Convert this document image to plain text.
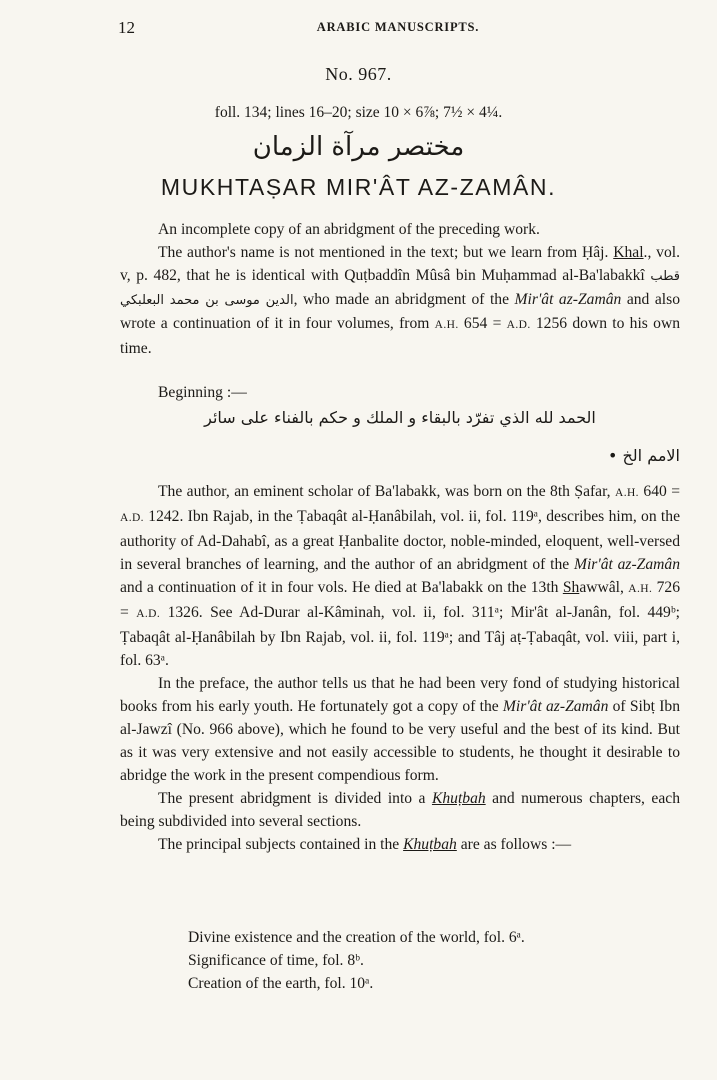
12	ARABIC MANUSCRIPTS.
No. 967.
foll. 134; lines 16–20; size 10 × 6⅞; 7½ × 4¼.
مختصر مرآة الزمان
MUKHTAṢAR MIR'ÂT AZ-ZAMÂN.

An incomplete copy of an abridgment of the preceding work.

The author's name is not mentioned in the text; but we learn from Ḥâj. Khal., vol. v, p. 482, that he is identical with Quṭbaddîn Mûsâ bin Muḥammad al-Ba'labakkî قطب الدين موسى بن محمد البعلبكي, who made an abridgment of the Mir'ât az-Zamân and also wrote a continuation of it in four volumes, from A.H. 654 = A.D. 1256 down to his own time.

Beginning :—
الحمد لله الذي تفرّد بالبقاء و الملك و حكم بالفناء على سائر
الامم الخ •

The author, an eminent scholar of Ba'labakk, was born on the 8th Ṣafar, A.H. 640 = A.D. 1242. Ibn Rajab, in the Ṭabaqât al-Ḥanâbilah, vol. ii, fol. 119ᵃ, describes him, on the authority of Ad-Dahabî, as a great Ḥanbalite doctor, noble-minded, eloquent, well-versed in several branches of learning, and the author of an abridgment of the Mir'ât az-Zamân and a continuation of it in four vols. He died at Ba'labakk on the 13th Shawwâl, A.H. 726 = A.D. 1326. See Ad-Durar al-Kâminah, vol. ii, fol. 311ᵃ; Mir'ât al-Janân, fol. 449ᵇ; Ṭabaqât al-Ḥanâbilah by Ibn Rajab, vol. ii, fol. 119ᵃ; and Tâj aṭ-Ṭabaqât, vol. viii, part i, fol. 63ᵃ.

In the preface, the author tells us that he had been very fond of studying historical books from his early youth. He fortunately got a copy of the Mir'ât az-Zamân of Sibṭ Ibn al-Jawzî (No. 966 above), which he found to be very useful and the best of its kind. But as it was very extensive and not easily accessible to students, he thought it desirable to abridge the work in the present compendious form.

The present abridgment is divided into a Khuṭbah and numerous chapters, each being subdivided into several sections.

The principal subjects contained in the Khuṭbah are as follows :—

Divine existence and the creation of the world, fol. 6ᵃ.
Significance of time, fol. 8ᵇ.
Creation of the earth, fol. 10ᵃ.
